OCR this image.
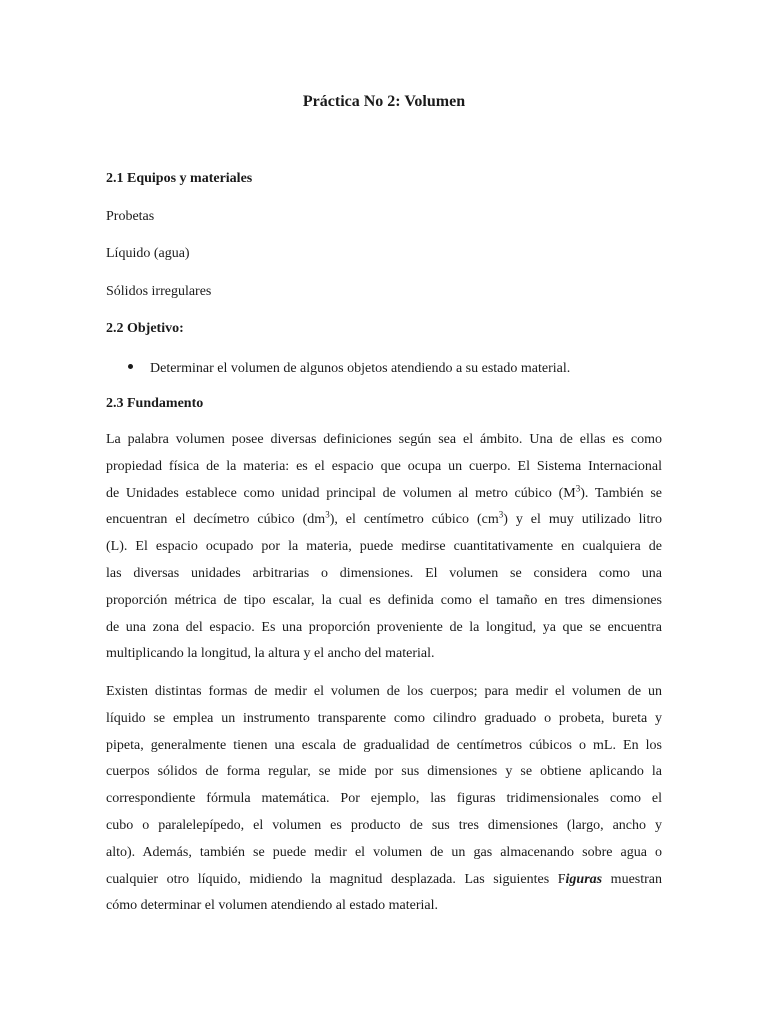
Práctica No 2: Volumen
2.1 Equipos y materiales
Probetas
Líquido (agua)
Sólidos irregulares
2.2 Objetivo:
Determinar el volumen de algunos objetos atendiendo a su estado material.
2.3 Fundamento
La palabra volumen posee diversas definiciones según sea el ámbito. Una de ellas es como
propiedad física de la materia: es el espacio que ocupa un cuerpo. El Sistema Internacional
de Unidades establece como unidad principal de volumen al metro cúbico $(M^3)$. También se
encuentran el decímetro cúbico $(dm^3)$, el centímetro cúbico $(cm^3)$ y el muy utilizado litro
(L). El espacio ocupado por la materia, puede medirse cuantitativamente en cualquiera de
las diversas unidades arbitrarias o dimensiones. El volumen se considera como una
proporción métrica de tipo escalar, la cual es definida como el tamaño en tres dimensiones
de una zona del espacio. Es una proporción proveniente de la longitud, ya que se encuentra
multiplicando la longitud, la altura y el ancho del material.
Existen distintas formas de medir el volumen de los cuerpos; para medir el volumen de un
líquido se emplea un instrumento transparente como cilindro graduado o probeta, bureta y
pipeta, generalmente tienen una escala de gradualidad de centímetros cúbicos o mL. En los
cuerpos sólidos de forma regular, se mide por sus dimensiones y se obtiene aplicando la
correspondiente fórmula matemática. Por ejemplo, las figuras tridimensionales como el
cubo o paralelepípedo, el volumen es producto de sus tres dimensiones (largo, ancho y
alto). Además, también se puede medir el volumen de un gas almacenando sobre agua o
cualquier otro líquido, midiendo la magnitud desplazada. Las siguientes Figuras muestran
cómo determinar el volumen atendiendo al estado material.
